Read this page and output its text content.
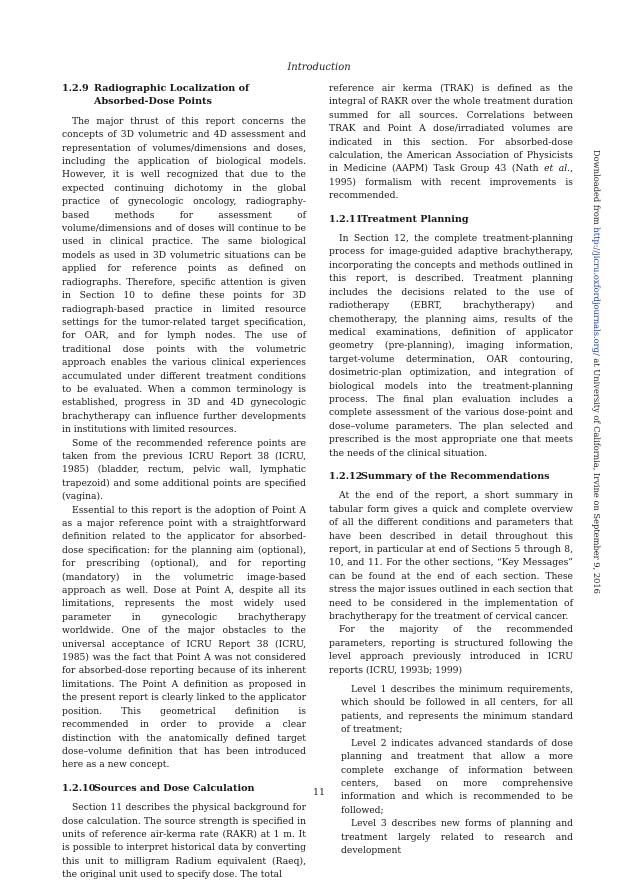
Introduction
1.2.9 Radiographic Localization of Absorbed-Dose Points

The major thrust of this report concerns the concepts of 3D volumetric and 4D assessment and representation of volumes/dimensions and doses, including the application of biological models. However, it is well recognized that due to the expected continuing dichotomy in the global practice of gynecologic oncology, radiography-based methods for assessment of volume/dimensions and of doses will continue to be used in clinical practice. The same biological models as used in 3D volumetric situations can be applied for reference points as defined on radiographs. Therefore, specific attention is given in Section 10 to define these points for 3D radiograph-based practice in limited resource settings for the tumor-related target specification, for OAR, and for lymph nodes. The use of traditional dose points with the volumetric approach enables the various clinical experiences accumulated under different treatment conditions to be evaluated. When a common terminology is established, progress in 3D and 4D gynecologic brachytherapy can influence further developments in institutions with limited resources.

Some of the recommended reference points are taken from the previous ICRU Report 38 (ICRU, 1985) (bladder, rectum, pelvic wall, lymphatic trapezoid) and some additional points are specified (vagina).

Essential to this report is the adoption of Point A as a major reference point with a straightforward definition related to the applicator for absorbed-dose specification: for the planning aim (optional), for prescribing (optional), and for reporting (mandatory) in the volumetric image-based approach as well. Dose at Point A, despite all its limitations, represents the most widely used parameter in gynecologic brachytherapy worldwide. One of the major obstacles to the universal acceptance of ICRU Report 38 (ICRU, 1985) was the fact that Point A was not considered for absorbed-dose reporting because of its inherent limitations. The Point A definition as proposed in the present report is clearly linked to the applicator position. This geometrical definition is recommended in order to provide a clear distinction with the anatomically defined target dose–volume definition that has been introduced here as a new concept.

1.2.10
Sources and Dose Calculation

Section 11 describes the physical background for dose calculation. The source strength is specified in units of reference air-kerma rate (RAKR) at 1 m. It is possible to interpret historical data by converting this unit to milligram Radium equivalent (Raeq), the original unit used to specify dose. The total

reference air kerma (TRAK) is defined as the integral of RAKR over the whole treatment duration summed for all sources. Correlations between TRAK and Point A dose/irradiated volumes are indicated in this section. For absorbed-dose calculation, the American Association of Physicists in Medicine (AAPM) Task Group 43 (Nath et al., 1995) formalism with recent improvements is recommended.

1.2.11
Treatment Planning

In Section 12, the complete treatment-planning process for image-guided adaptive brachytherapy, incorporating the concepts and methods outlined in this report, is described. Treatment planning includes the decisions related to the use of radiotherapy (EBRT, brachytherapy) and chemotherapy, the planning aims, results of the medical examinations, definition of applicator geometry (pre-planning), imaging information, target-volume determination, OAR contouring, dosimetric-plan optimization, and integration of biological models into the treatment-planning process. The final plan evaluation includes a complete assessment of the various dose-point and dose–volume parameters. The plan selected and prescribed is the most appropriate one that meets the needs of the clinical situation.

1.2.12
Summary of the Recommendations

At the end of the report, a short summary in tabular form gives a quick and complete overview of all the different conditions and parameters that have been described in detail throughout this report, in particular at end of Sections 5 through 8, 10, and 11. For the other sections, “Key Messages” can be found at the end of each section. These stress the major issues outlined in each section that need to be considered in the implementation of brachytherapy for the treatment of cervical cancer.

For the majority of the recommended parameters, reporting is structured following the level approach previously introduced in ICRU reports (ICRU, 1993b; 1999)

Level 1 describes the minimum requirements, which should be followed in all centers, for all patients, and represents the minimum standard of treatment;

Level 2 indicates advanced standards of dose planning and treatment that allow a more complete exchange of information between centers, based on more comprehensive information and which is recommended to be followed;

Level 3 describes new forms of planning and treatment largely related to research and development

11
Downloaded from http://jicru.oxfordjournals.org/ at University of California, Irvine on September 9, 2016
